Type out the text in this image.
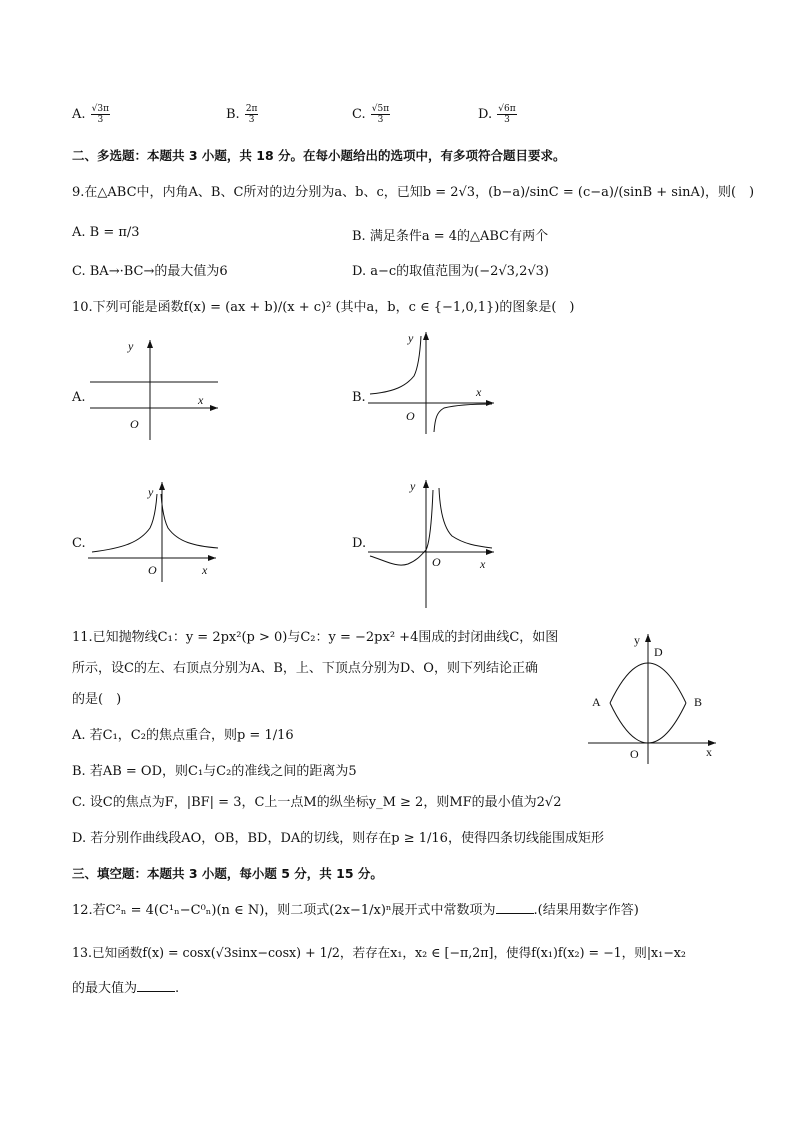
A. $\frac{√3\pi}{3}$	B. $\frac{2\pi}{3}$	C. $\frac{√5\pi}{3}$	D. $\frac{√6\pi}{3}$
二、多选题：本题共 3 小题，共 18 分。在每小题给出的选项中，有多项符合题目要求。
9.在△ABC中，内角A、B、C所对的边分别为a、b、c，已知b = 2√3，(b−a)/sinC = (c−a)/(sinB + sinA)，则(　)
A. B = π/3	B. 满足条件a = 4的△ABC有两个
C. BA→·BC→的最大值为6	D. a−c的取值范围为(−2√3,2√3)
10.下列可能是函数f(x) = (ax + b)/(x + c)² (其中a，b，c ∈ {−1,0,1})的图象是(　)
A.
y
x
O
B.
y
x
O
C.
y
x
O
D.
y
x
O
11.已知抛物线C₁：y = 2px²(p > 0)与C₂：y = −2px² +4围成的封闭曲线C，如图
所示，设C的左、右顶点分别为A、B，上、下顶点分别为D、O，则下列结论正确
的是(　)
A. 若C₁，C₂的焦点重合，则p = 1/16
B. 若AB = OD，则C₁与C₂的准线之间的距离为5
C. 设C的焦点为F，|BF| = 3，C上一点M的纵坐标y_M ≥ 2，则MF的最小值为2√2
D. 若分别作曲线段AO，OB，BD，DA的切线，则存在p ≥ 1/16，使得四条切线能围成矩形
y
D
A	B
O	x
三、填空题：本题共 3 小题，每小题 5 分，共 15 分。
12.若C²ₙ = 4(C¹ₙ−C⁰ₙ)(n ∈ N)，则二项式(2x−1/x)ⁿ展开式中常数项为	.(结果用数字作答)
13.已知函数f(x) = cosx(√3sinx−cosx) + 1/2，若存在x₁，x₂ ∈ [−π,2π]，使得f(x₁)f(x₂) = −1，则|x₁−x₂
的最大值为	.
